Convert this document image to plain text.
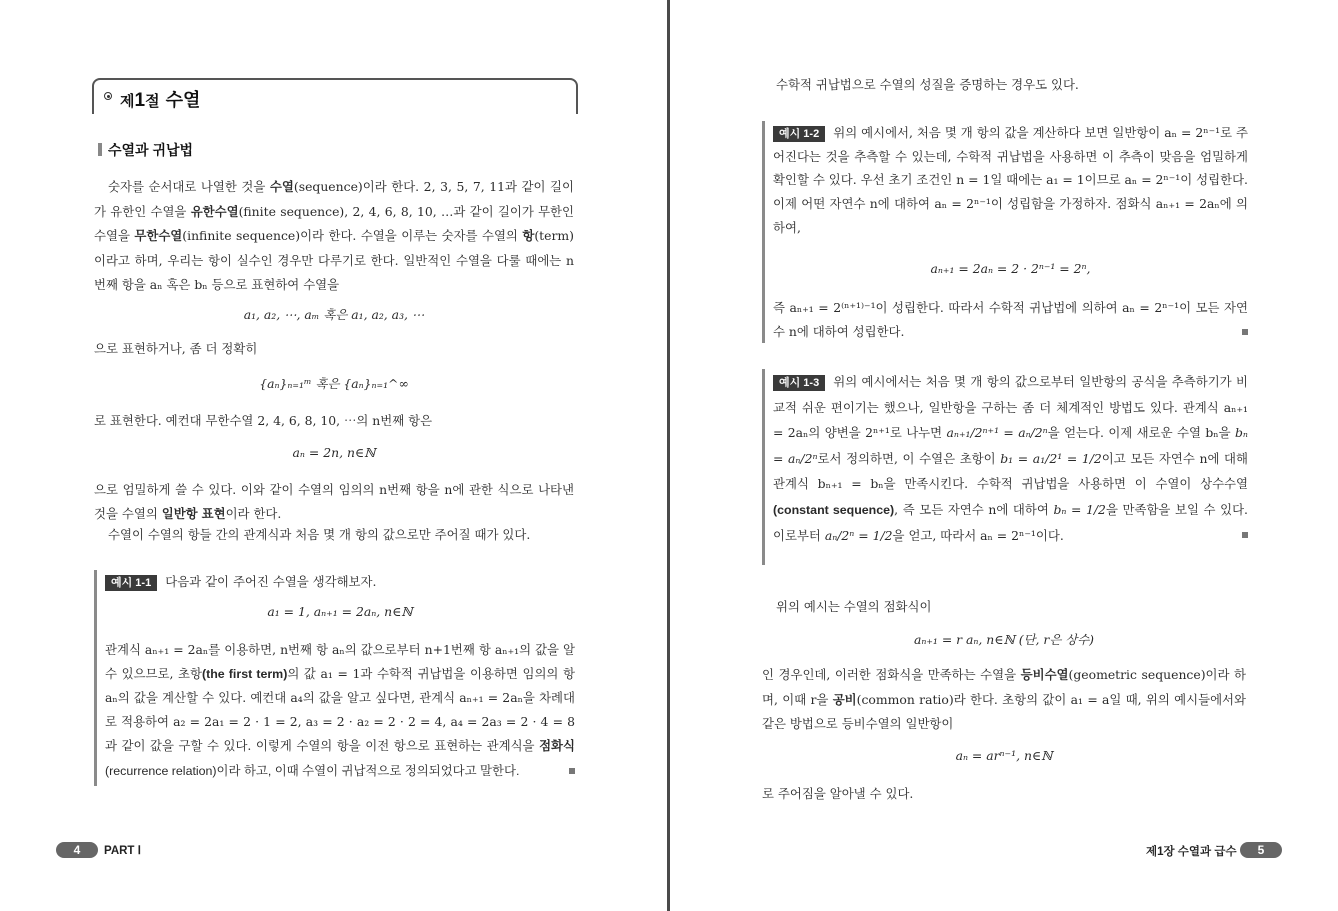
제1절 수열
수열과 귀납법
숫자를 순서대로 나열한 것을 수열(sequence)이라 한다. 2, 3, 5, 7, 11과 같이 길이가 유한인 수열을 유한수열(finite sequence), 2, 4, 6, 8, 10, …과 같이 길이가 무한인 수열을 무한수열(infinite sequence)이라 한다. 수열을 이루는 숫자를 수열의 항(term)이라고 하며, 우리는 항이 실수인 경우만 다루기로 한다. 일반적인 수열을 다룰 때에는 n번째 항을 aₙ 혹은 bₙ 등으로 표현하여 수열을
a₁, a₂, ⋯, aₘ 혹은 a₁, a₂, a₃, ⋯
으로 표현하거나, 좀 더 정확히
{aₙ}ₙ₌₁ᵐ 혹은 {aₙ}ₙ₌₁^∞
로 표현한다. 예컨대 무한수열 2, 4, 6, 8, 10, ⋯의 n번째 항은
aₙ = 2n, n∈ℕ
으로 엄밀하게 쓸 수 있다. 이와 같이 수열의 임의의 n번째 항을 n에 관한 식으로 나타낸 것을 수열의 일반항 표현이라 한다.
수열이 수열의 항들 간의 관계식과 처음 몇 개 항의 값으로만 주어질 때가 있다.
예시 1-1 다음과 같이 주어진 수열을 생각해보자.
a₁ = 1, aₙ₊₁ = 2aₙ, n∈ℕ
관계식 aₙ₊₁ = 2aₙ를 이용하면, n번째 항 aₙ의 값으로부터 n+1번째 항 aₙ₊₁의 값을 알 수 있으므로, 초항(the first term)의 값 a₁ = 1과 수학적 귀납법을 이용하면 임의의 항 aₙ의 값을 계산할 수 있다. 예컨대 a₄의 값을 알고 싶다면, 관계식 aₙ₊₁ = 2aₙ을 차례대로 적용하여 a₂ = 2a₁ = 2 · 1 = 2, a₃ = 2 · a₂ = 2 · 2 = 4, a₄ = 2a₃ = 2 · 4 = 8과 같이 값을 구할 수 있다. 이렇게 수열의 항을 이전 항으로 표현하는 관계식을 점화식(recurrence relation)이라 하고, 이때 수열이 귀납적으로 정의되었다고 말한다.
4	PART Ⅰ
수학적 귀납법으로 수열의 성질을 증명하는 경우도 있다.
예시 1-2 위의 예시에서, 처음 몇 개 항의 값을 계산하다 보면 일반항이 aₙ = 2ⁿ⁻¹로 주어진다는 것을 추측할 수 있는데, 수학적 귀납법을 사용하면 이 추측이 맞음을 엄밀하게 확인할 수 있다. 우선 초기 조건인 n = 1일 때에는 a₁ = 1이므로 aₙ = 2ⁿ⁻¹이 성립한다. 이제 어떤 자연수 n에 대하여 aₙ = 2ⁿ⁻¹이 성립함을 가정하자. 점화식 aₙ₊₁ = 2aₙ에 의하여,
aₙ₊₁ = 2aₙ = 2 · 2ⁿ⁻¹ = 2ⁿ,
즉 aₙ₊₁ = 2⁽ⁿ⁺¹⁾⁻¹이 성립한다. 따라서 수학적 귀납법에 의하여 aₙ = 2ⁿ⁻¹이 모든 자연수 n에 대하여 성립한다.
예시 1-3 위의 예시에서는 처음 몇 개 항의 값으로부터 일반항의 공식을 추측하기가 비교적 쉬운 편이기는 했으나, 일반항을 구하는 좀 더 체계적인 방법도 있다. 관계식 aₙ₊₁ = 2aₙ의 양변을 2ⁿ⁺¹로 나누면 aₙ₊₁/2ⁿ⁺¹ = aₙ/2ⁿ을 얻는다. 이제 새로운 수열 bₙ을 bₙ = aₙ/2ⁿ로서 정의하면, 이 수열은 초항이 b₁ = a₁/2¹ = 1/2이고 모든 자연수 n에 대해 관계식 bₙ₊₁ = bₙ을 만족시킨다. 수학적 귀납법을 사용하면 이 수열이 상수수열(constant sequence), 즉 모든 자연수 n에 대하여 bₙ = 1/2을 만족함을 보일 수 있다. 이로부터 aₙ/2ⁿ = 1/2을 얻고, 따라서 aₙ = 2ⁿ⁻¹이다.
위의 예시는 수열의 점화식이
aₙ₊₁ = r aₙ, n∈ℕ (단, r은 상수)
인 경우인데, 이러한 점화식을 만족하는 수열을 등비수열(geometric sequence)이라 하며, 이때 r을 공비(common ratio)라 한다. 초항의 값이 a₁ = a일 때, 위의 예시들에서와 같은 방법으로 등비수열의 일반항이
aₙ = arⁿ⁻¹, n∈ℕ
로 주어짐을 알아낼 수 있다.
제1장 수열과 급수	5
